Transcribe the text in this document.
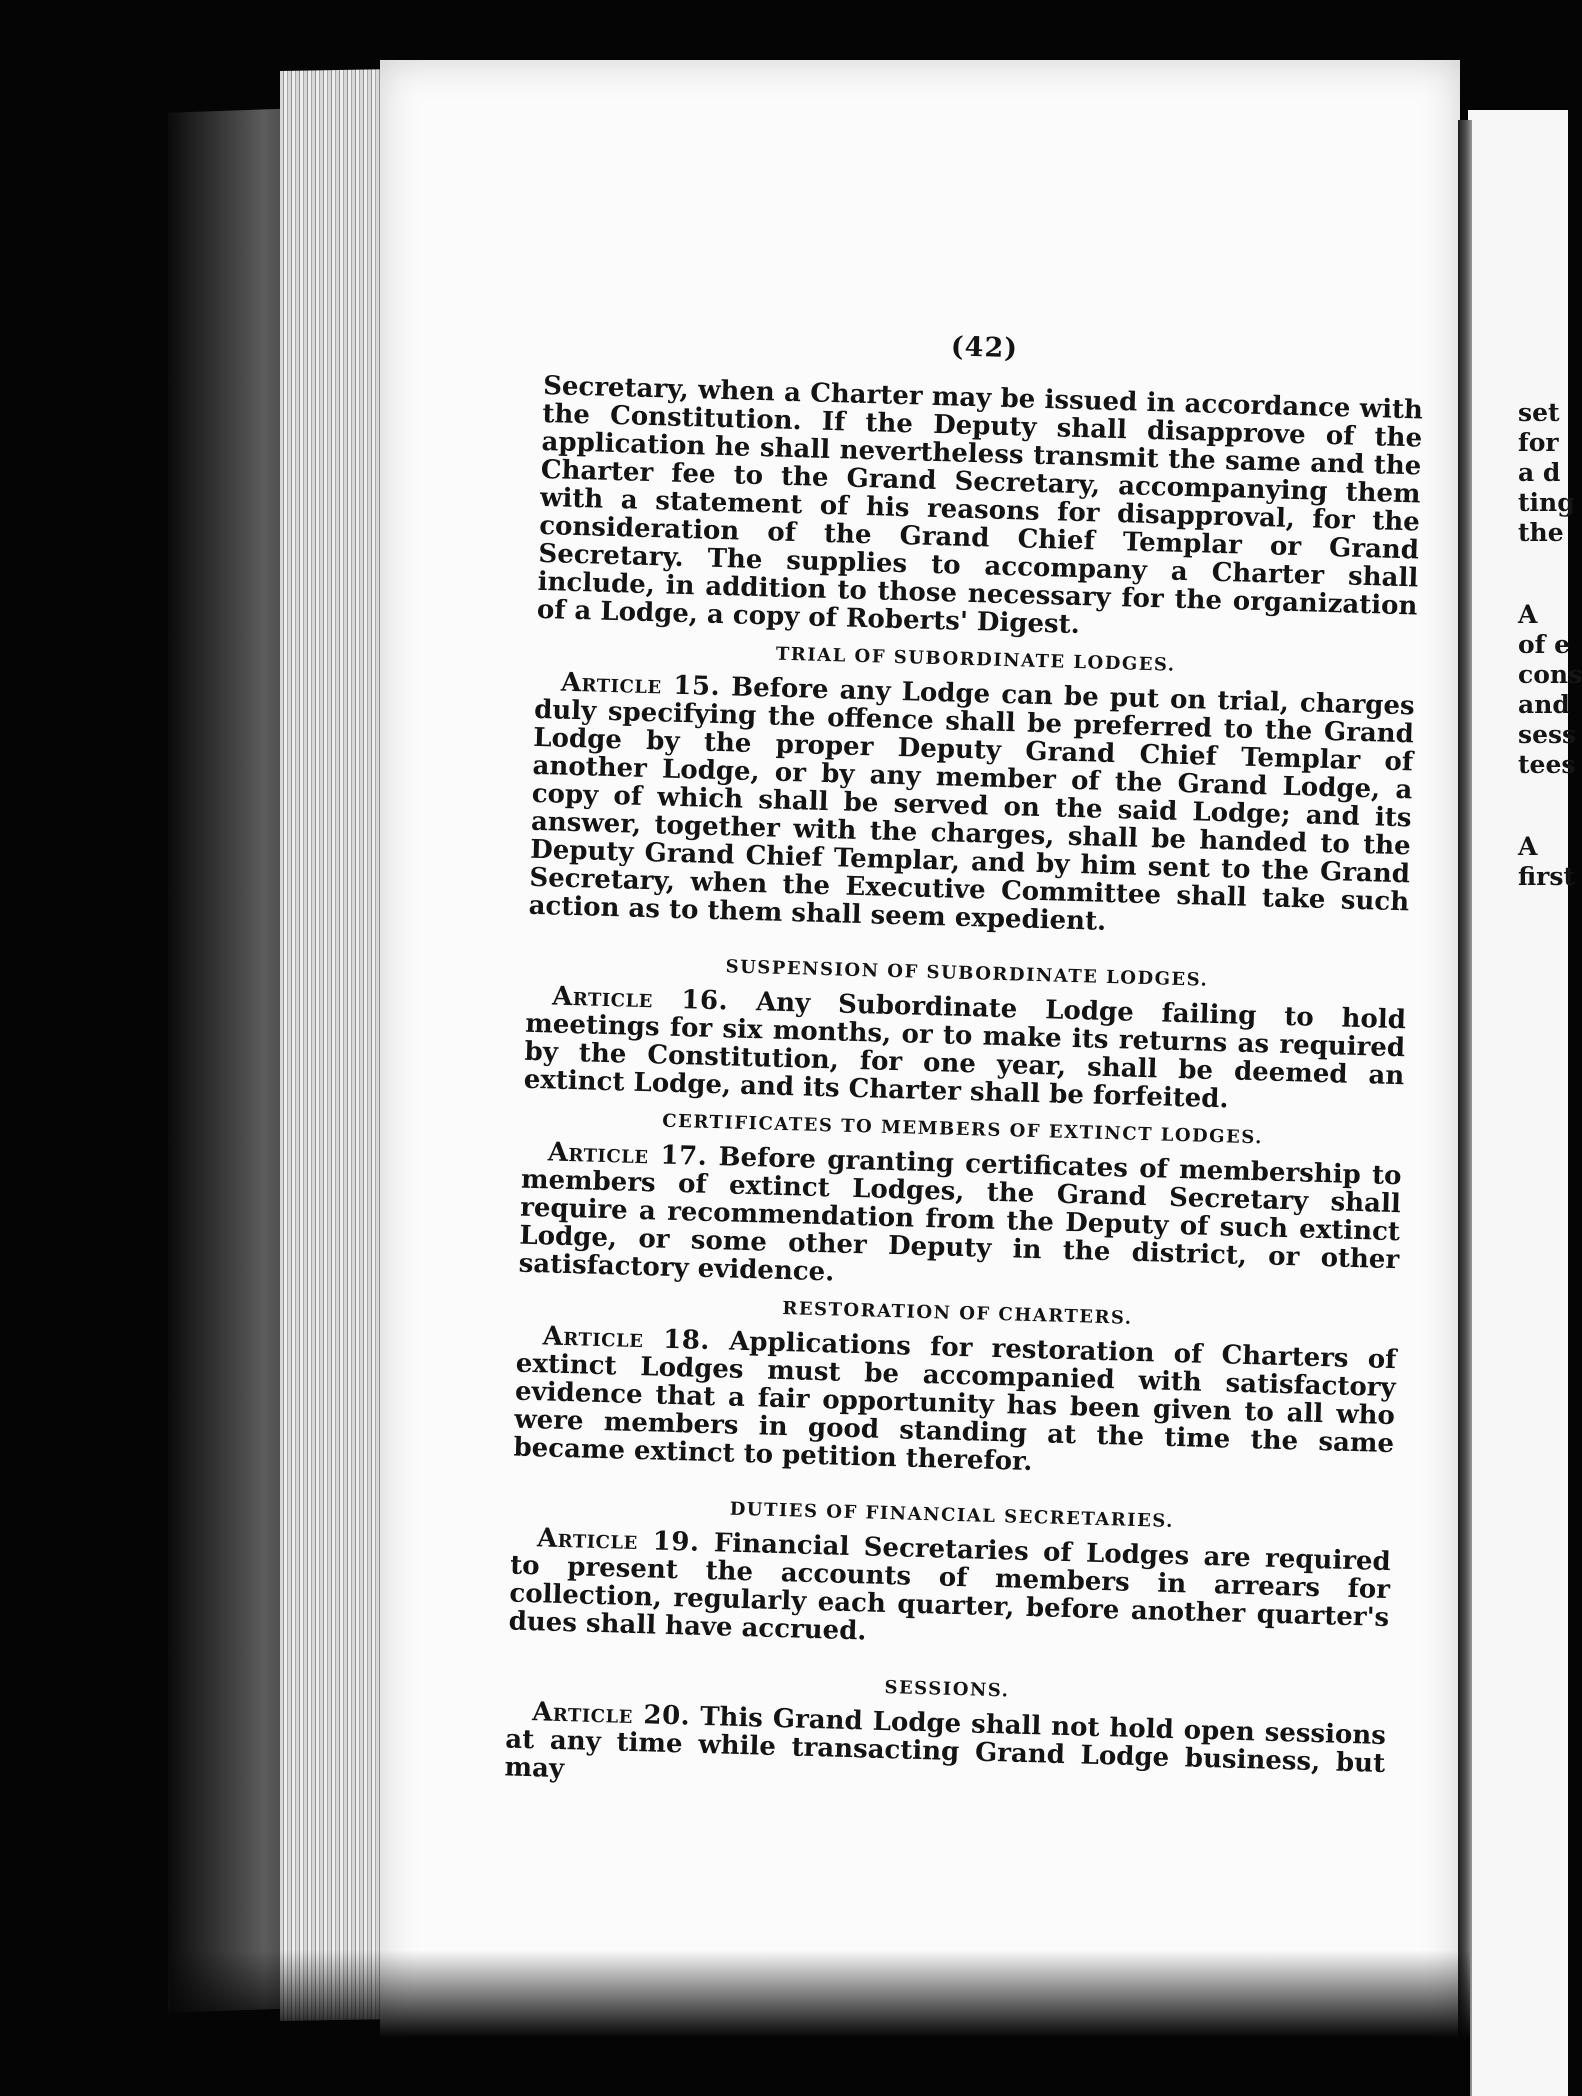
set
for
a d
ting
the
A
of e
cons
and
sess
tees
A
first
(42)

Secretary, when a Charter may be issued in accordance with the Constitution. If the Deputy shall disapprove of the application he shall nevertheless transmit the same and the Charter fee to the Grand Secretary, accompanying them with a statement of his reasons for disapproval, for the consideration of the Grand Chief Templar or Grand Secretary. The supplies to accompany a Charter shall include, in addition to those necessary for the organization of a Lodge, a copy of Roberts' Digest.

TRIAL OF SUBORDINATE LODGES.

Article 15. Before any Lodge can be put on trial, charges duly specifying the offence shall be preferred to the Grand Lodge by the proper Deputy Grand Chief Templar of another Lodge, or by any member of the Grand Lodge, a copy of which shall be served on the said Lodge; and its answer, together with the charges, shall be handed to the Deputy Grand Chief Templar, and by him sent to the Grand Secretary, when the Executive Committee shall take such action as to them shall seem expedient.

SUSPENSION OF SUBORDINATE LODGES.

Article 16. Any Subordinate Lodge failing to hold meetings for six months, or to make its returns as required by the Constitution, for one year, shall be deemed an extinct Lodge, and its Charter shall be forfeited.

CERTIFICATES TO MEMBERS OF EXTINCT LODGES.

Article 17. Before granting certificates of membership to members of extinct Lodges, the Grand Secretary shall require a recommendation from the Deputy of such extinct Lodge, or some other Deputy in the district, or other satisfactory evidence.

RESTORATION OF CHARTERS.

Article 18. Applications for restoration of Charters of extinct Lodges must be accompanied with satisfactory evidence that a fair opportunity has been given to all who were members in good standing at the time the same became extinct to petition therefor.

DUTIES OF FINANCIAL SECRETARIES.

Article 19. Financial Secretaries of Lodges are required to present the accounts of members in arrears for collection, regularly each quarter, before another quarter's dues shall have accrued.

SESSIONS.

Article 20. This Grand Lodge shall not hold open sessions at any time while transacting Grand Lodge business, but may
